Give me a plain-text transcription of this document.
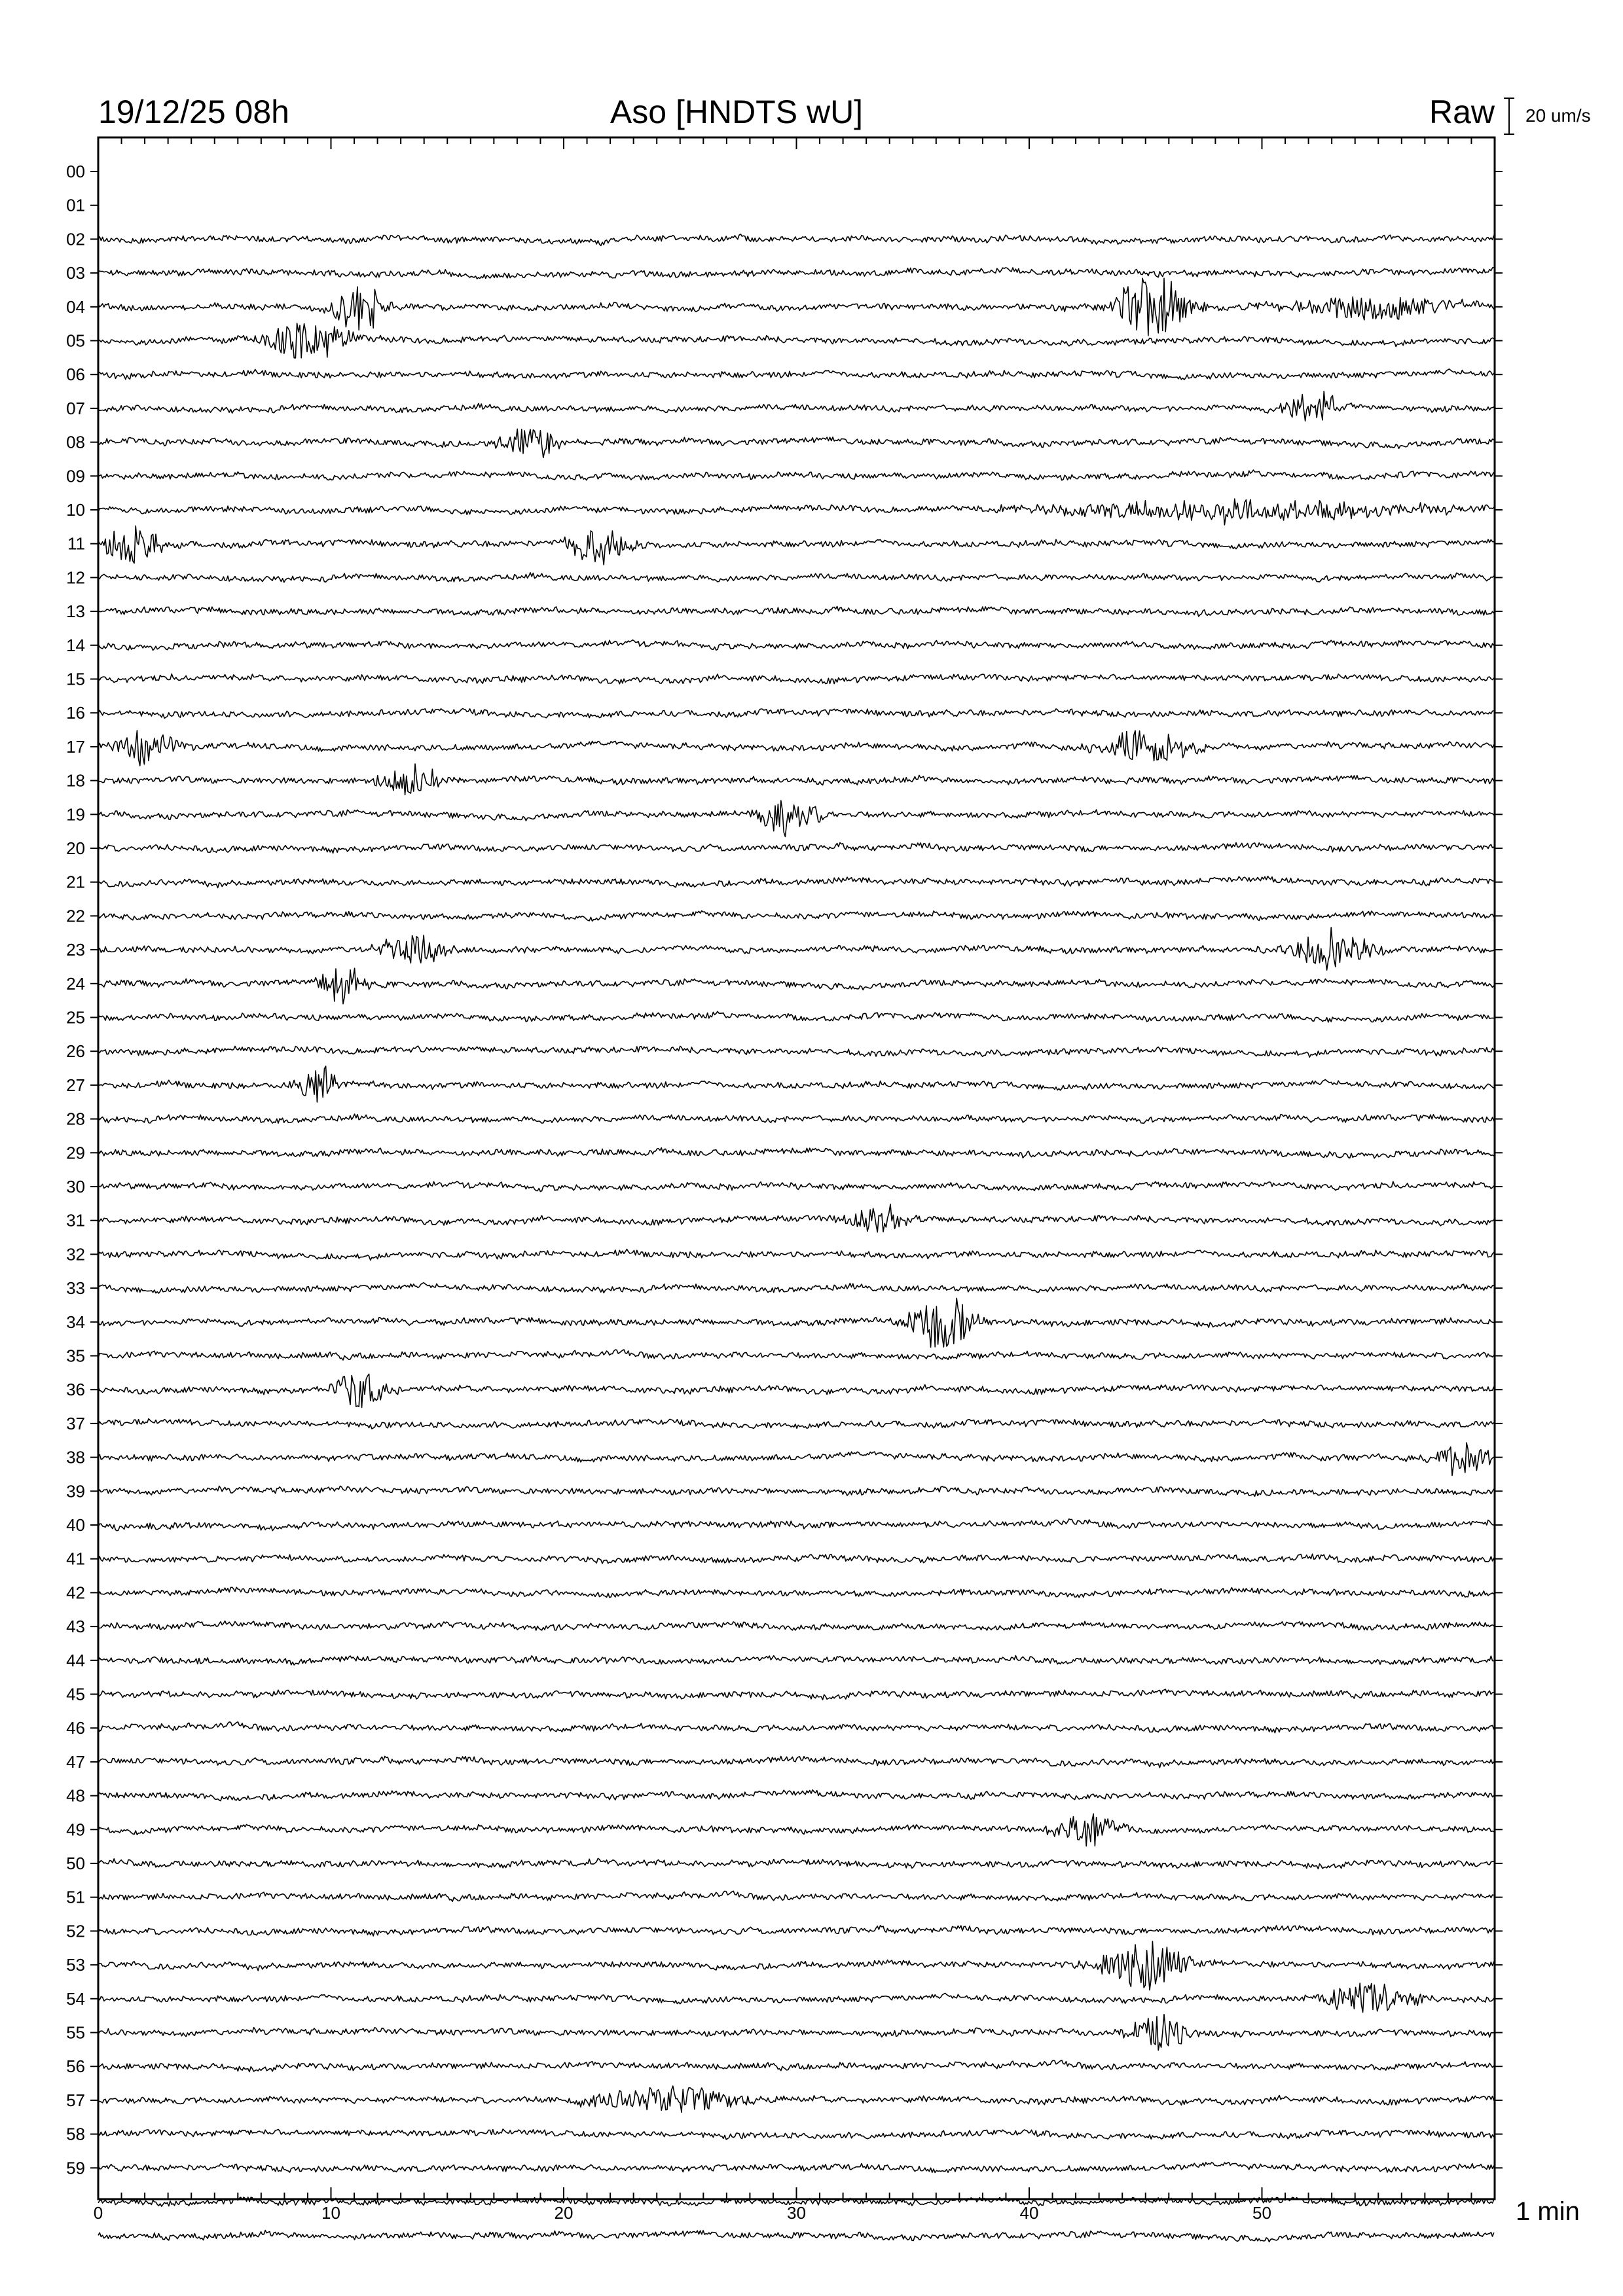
19/12/25 08h	Aso [HNDTS wU]	Raw 20 um/s
0	10	20	30	40	50
00
01
02
03
04
05
06
07
08
09
10
11
12
13
14
15
16
17
18
19
20
21
22
23
24
25
26
27
28
29
30
31
32
33
34
35
36
37
38
39
40
41
42
43
44
45
46
47
48
49
50
51
52
53
54
55
56
57
58
59
1 min
